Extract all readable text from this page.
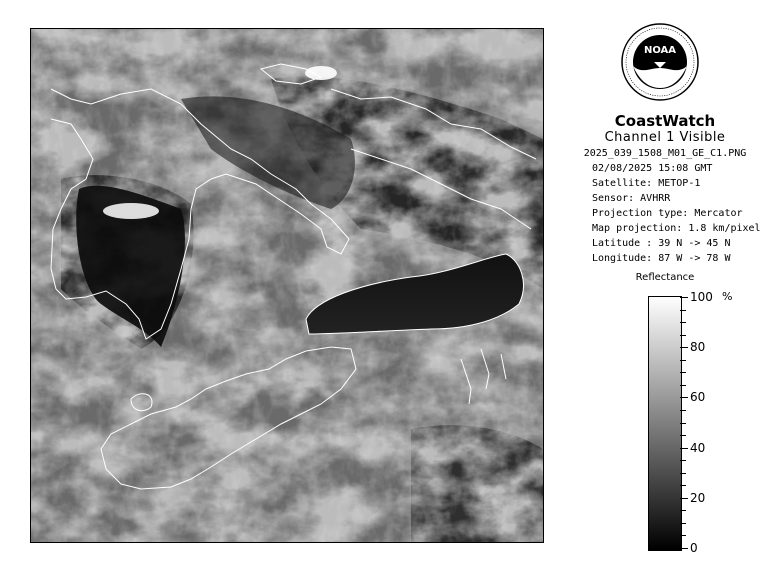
NOAA
CoastWatch
Channel 1 Visible
2025_039_1508_M01_GE_C1.PNG
02/08/2025 15:08 GMT
Satellite: METOP-1
Sensor: AVHRR
Projection type: Mercator
Map projection: 1.8 km/pixel
Latitude : 39 N -> 45 N
Longitude: 87 W -> 78 W
Reflectance
%
100
80
60
40
20
0
